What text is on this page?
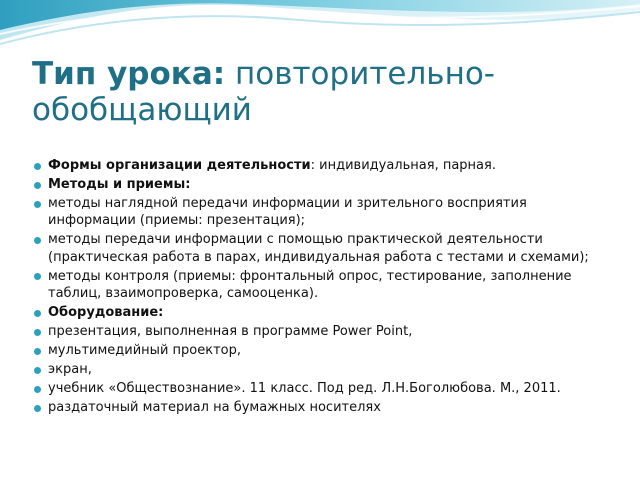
Тип урока: повторительно-обобщающий
Формы организации деятельности: индивидуальная, парная.
Методы и приемы:
методы наглядной передачи информации и зрительного восприятия информации (приемы: презентация);
методы передачи информации с помощью практической деятельности (практическая работа в парах, индивидуальная работа с тестами и схемами);
методы контроля (приемы: фронтальный опрос, тестирование, заполнение таблиц, взаимопроверка, самооценка).
Оборудование:
презентация, выполненная в программе Power Point,
мультимедийный проектор,
экран,
учебник «Обществознание». 11 класс. Под ред. Л.Н.Боголюбова. М., 2011.
раздаточный материал на бумажных носителях
